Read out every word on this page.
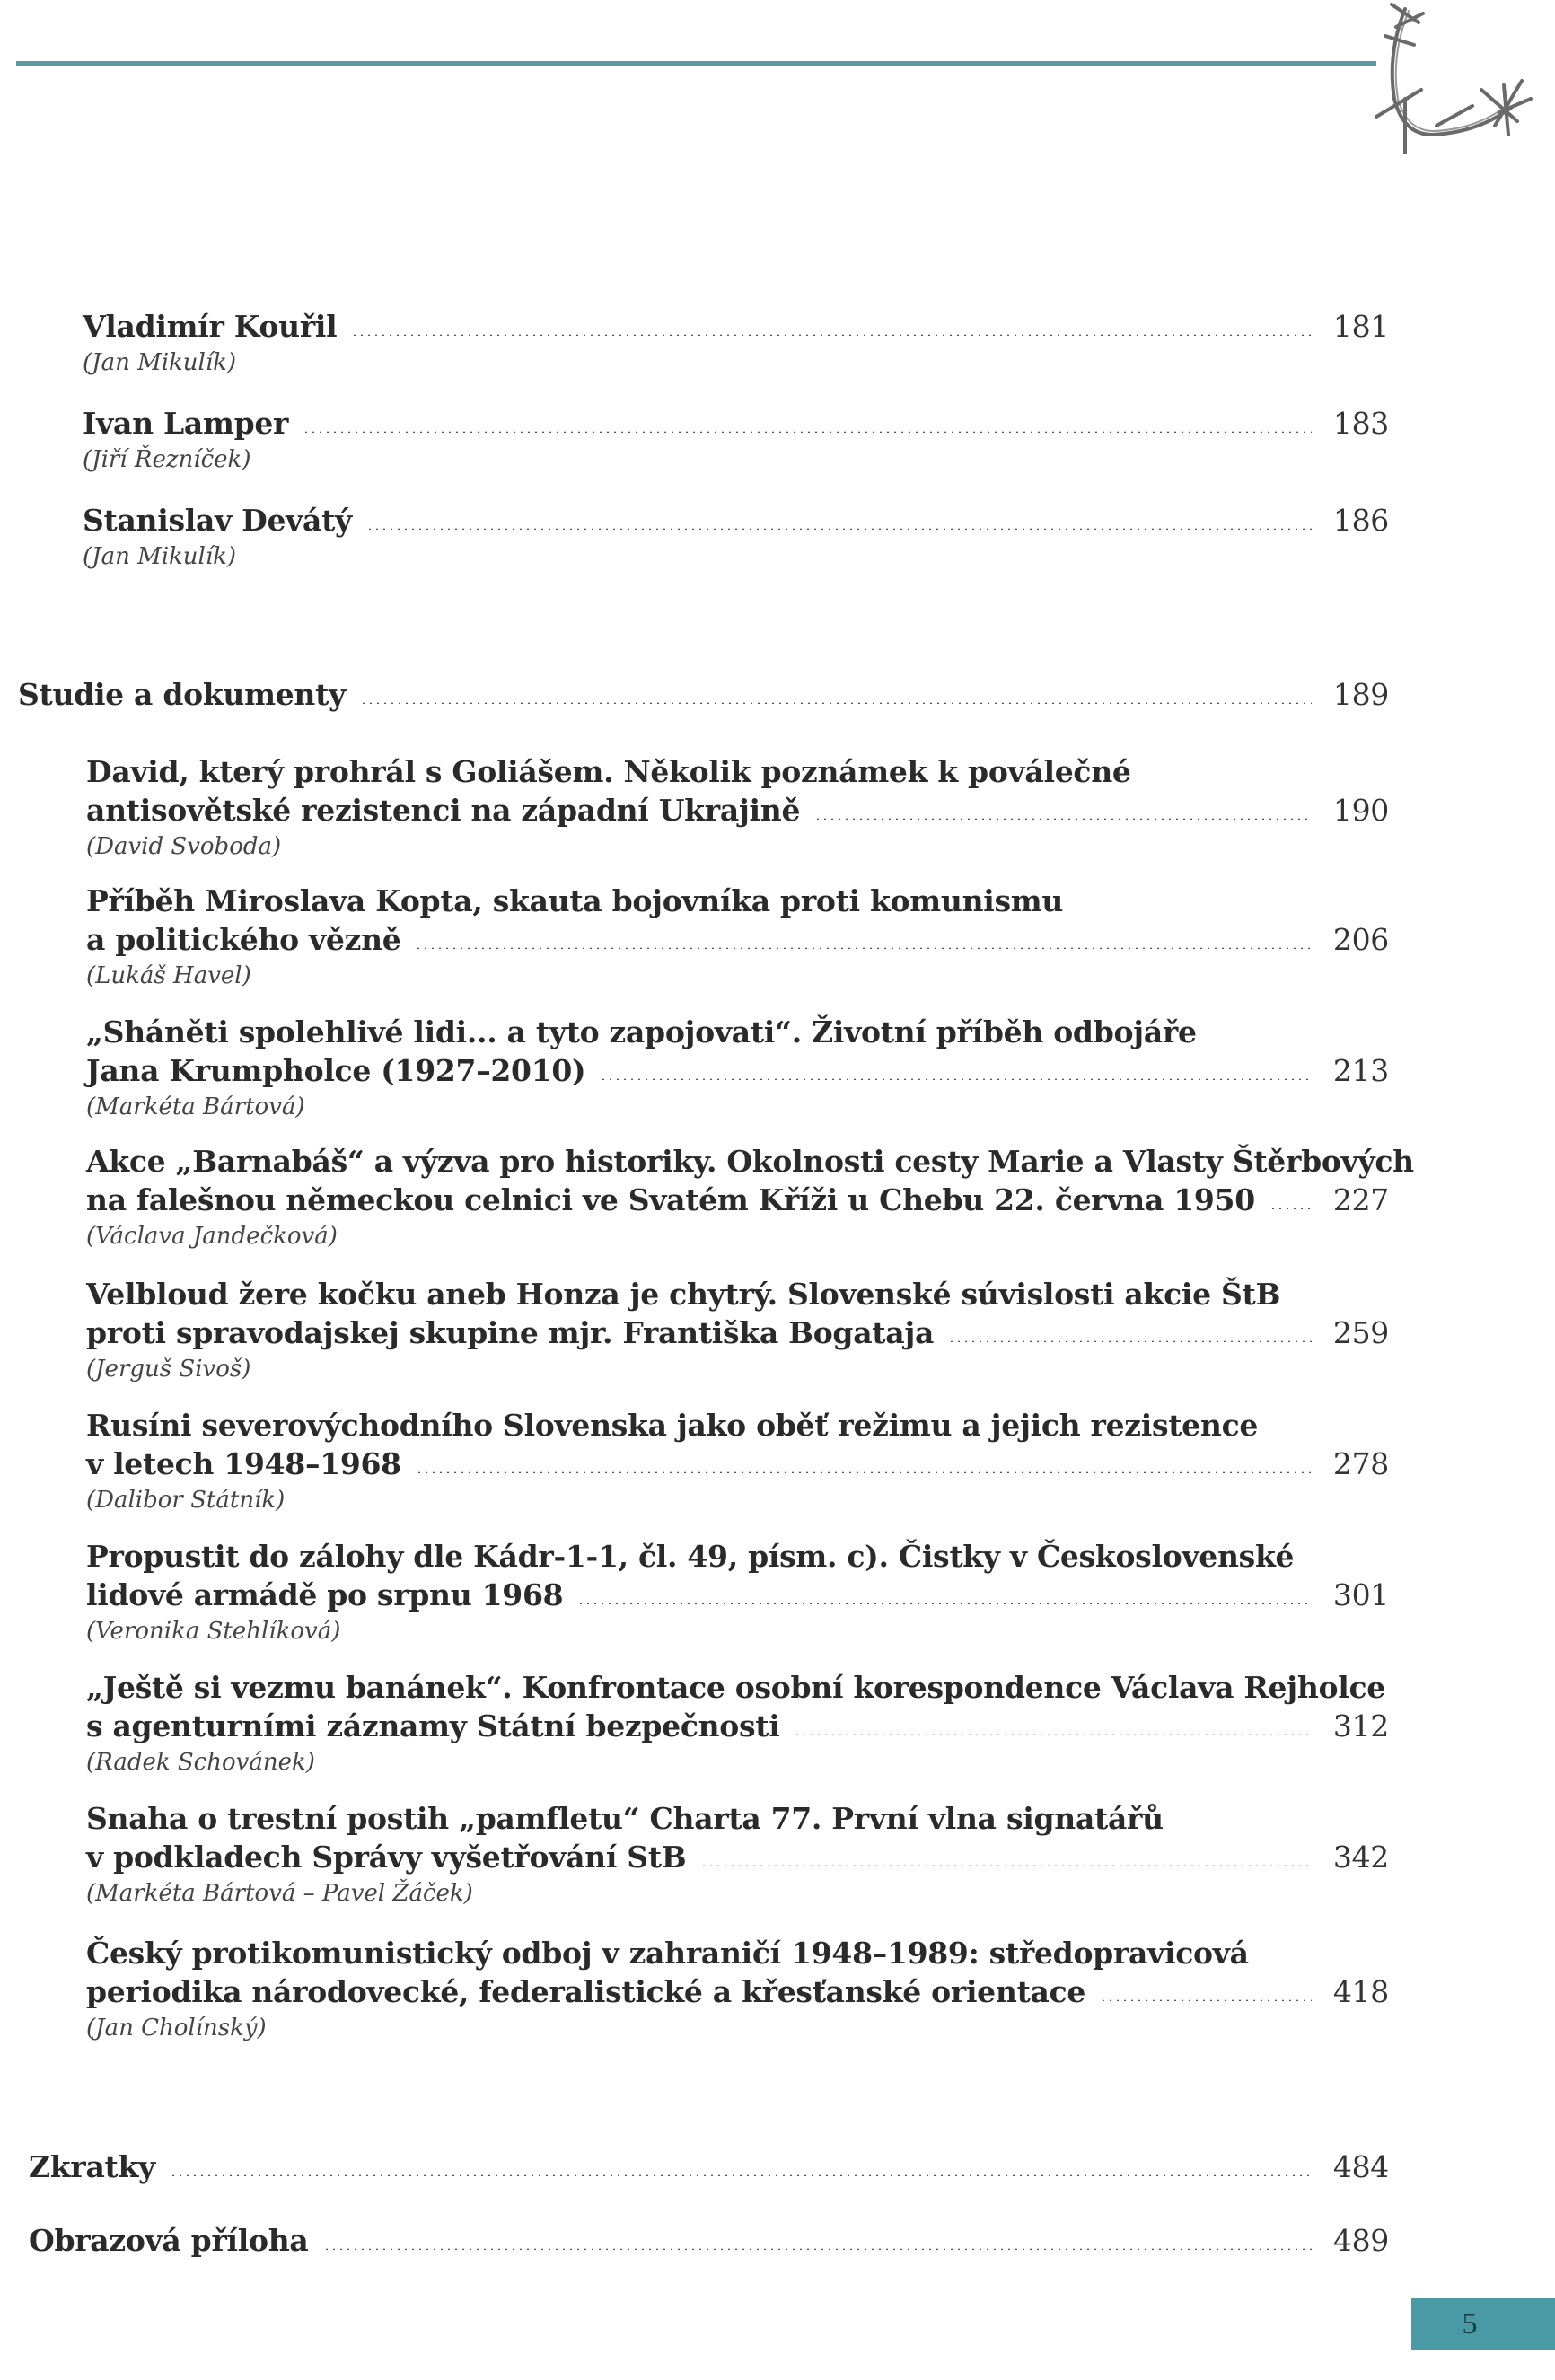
Vladimír Kouřil	181
(Jan Mikulík)
Ivan Lamper	183
(Jiří Řezníček)
Stanislav Devátý	186
(Jan Mikulík)
Studie a dokumenty	189
David, který prohrál s Goliášem. Několik poznámek k poválečné
antisovětské rezistenci na západní Ukrajině	190
(David Svoboda)
Příběh Miroslava Kopta, skauta bojovníka proti komunismu
a politického vězně	206
(Lukáš Havel)
„Sháněti spolehlivé lidi... a tyto zapojovati“. Životní příběh odbojáře
Jana Krumpholce (1927–2010)	213
(Markéta Bártová)
Akce „Barnabáš“ a výzva pro historiky. Okolnosti cesty Marie a Vlasty Štěrbových
na falešnou německou celnici ve Svatém Kříži u Chebu 22. června 1950	227
(Václava Jandečková)
Velbloud žere kočku aneb Honza je chytrý. Slovenské súvislosti akcie ŠtB
proti spravodajskej skupine mjr. Františka Bogataja	259
(Jerguš Sivoš)
Rusíni severovýchodního Slovenska jako oběť režimu a jejich rezistence
v letech 1948–1968	278
(Dalibor Státník)
Propustit do zálohy dle Kádr-1-1, čl. 49, písm. c). Čistky v Československé
lidové armádě po srpnu 1968	301
(Veronika Stehlíková)
„Ještě si vezmu banánek“. Konfrontace osobní korespondence Václava Rejholce
s agenturními záznamy Státní bezpečnosti	312
(Radek Schovánek)
Snaha o trestní postih „pamfletu“ Charta 77. První vlna signatářů
v podkladech Správy vyšetřování StB	342
(Markéta Bártová – Pavel Žáček)
Český protikomunistický odboj v zahraničí 1948–1989: středopravicová
periodika národovecké, federalistické a křesťanské orientace	418
(Jan Cholínský)
Zkratky	484
Obrazová příloha	489
5
